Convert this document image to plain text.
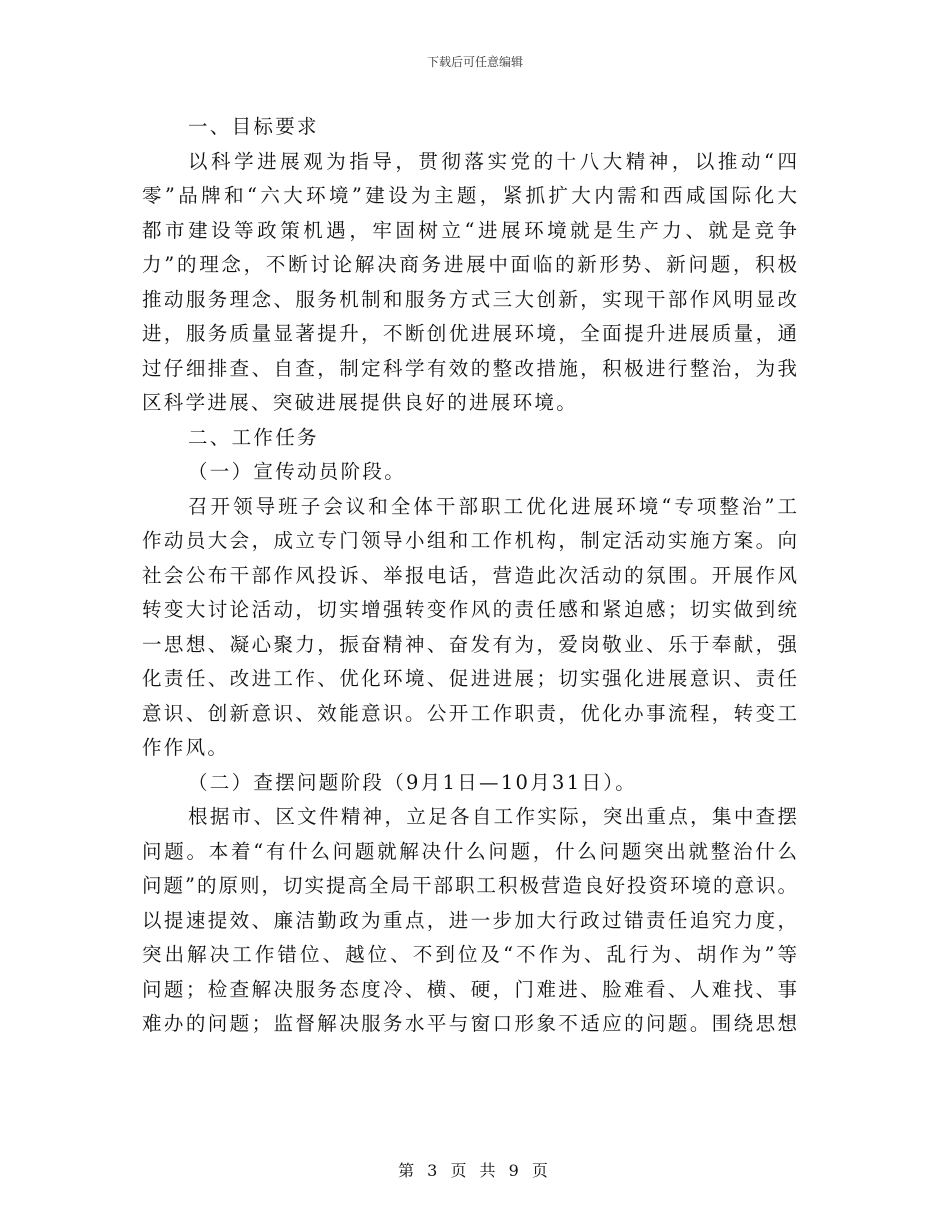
下载后可任意编辑
一、目标要求
以科学进展观为指导，贯彻落实党的十八大精神，以推动“四
零”品牌和“六大环境”建设为主题，紧抓扩大内需和西咸国际化大
都市建设等政策机遇，牢固树立“进展环境就是生产力、就是竞争
力”的理念，不断讨论解决商务进展中面临的新形势、新问题，积极
推动服务理念、服务机制和服务方式三大创新，实现干部作风明显改
进，服务质量显著提升，不断创优进展环境，全面提升进展质量，通
过仔细排查、自查，制定科学有效的整改措施，积极进行整治，为我
区科学进展、突破进展提供良好的进展环境。
二、工作任务
（一）宣传动员阶段。
召开领导班子会议和全体干部职工优化进展环境“专项整治”工
作动员大会，成立专门领导小组和工作机构，制定活动实施方案。向
社会公布干部作风投诉、举报电话，营造此次活动的氛围。开展作风
转变大讨论活动，切实增强转变作风的责任感和紧迫感；切实做到统
一思想、凝心聚力，振奋精神、奋发有为，爱岗敬业、乐于奉献，强
化责任、改进工作、优化环境、促进进展；切实强化进展意识、责任
意识、创新意识、效能意识。公开工作职责，优化办事流程，转变工
作作风。
（二）查摆问题阶段（9月1日—10月31日）。
根据市、区文件精神，立足各自工作实际，突出重点，集中查摆
问题。本着“有什么问题就解决什么问题，什么问题突出就整治什么
问题”的原则，切实提高全局干部职工积极营造良好投资环境的意识。
以提速提效、廉洁勤政为重点，进一步加大行政过错责任追究力度，
突出解决工作错位、越位、不到位及“不作为、乱行为、胡作为”等
问题；检查解决服务态度冷、横、硬，门难进、脸难看、人难找、事
难办的问题；监督解决服务水平与窗口形象不适应的问题。围绕思想
第 3 页 共 9 页
